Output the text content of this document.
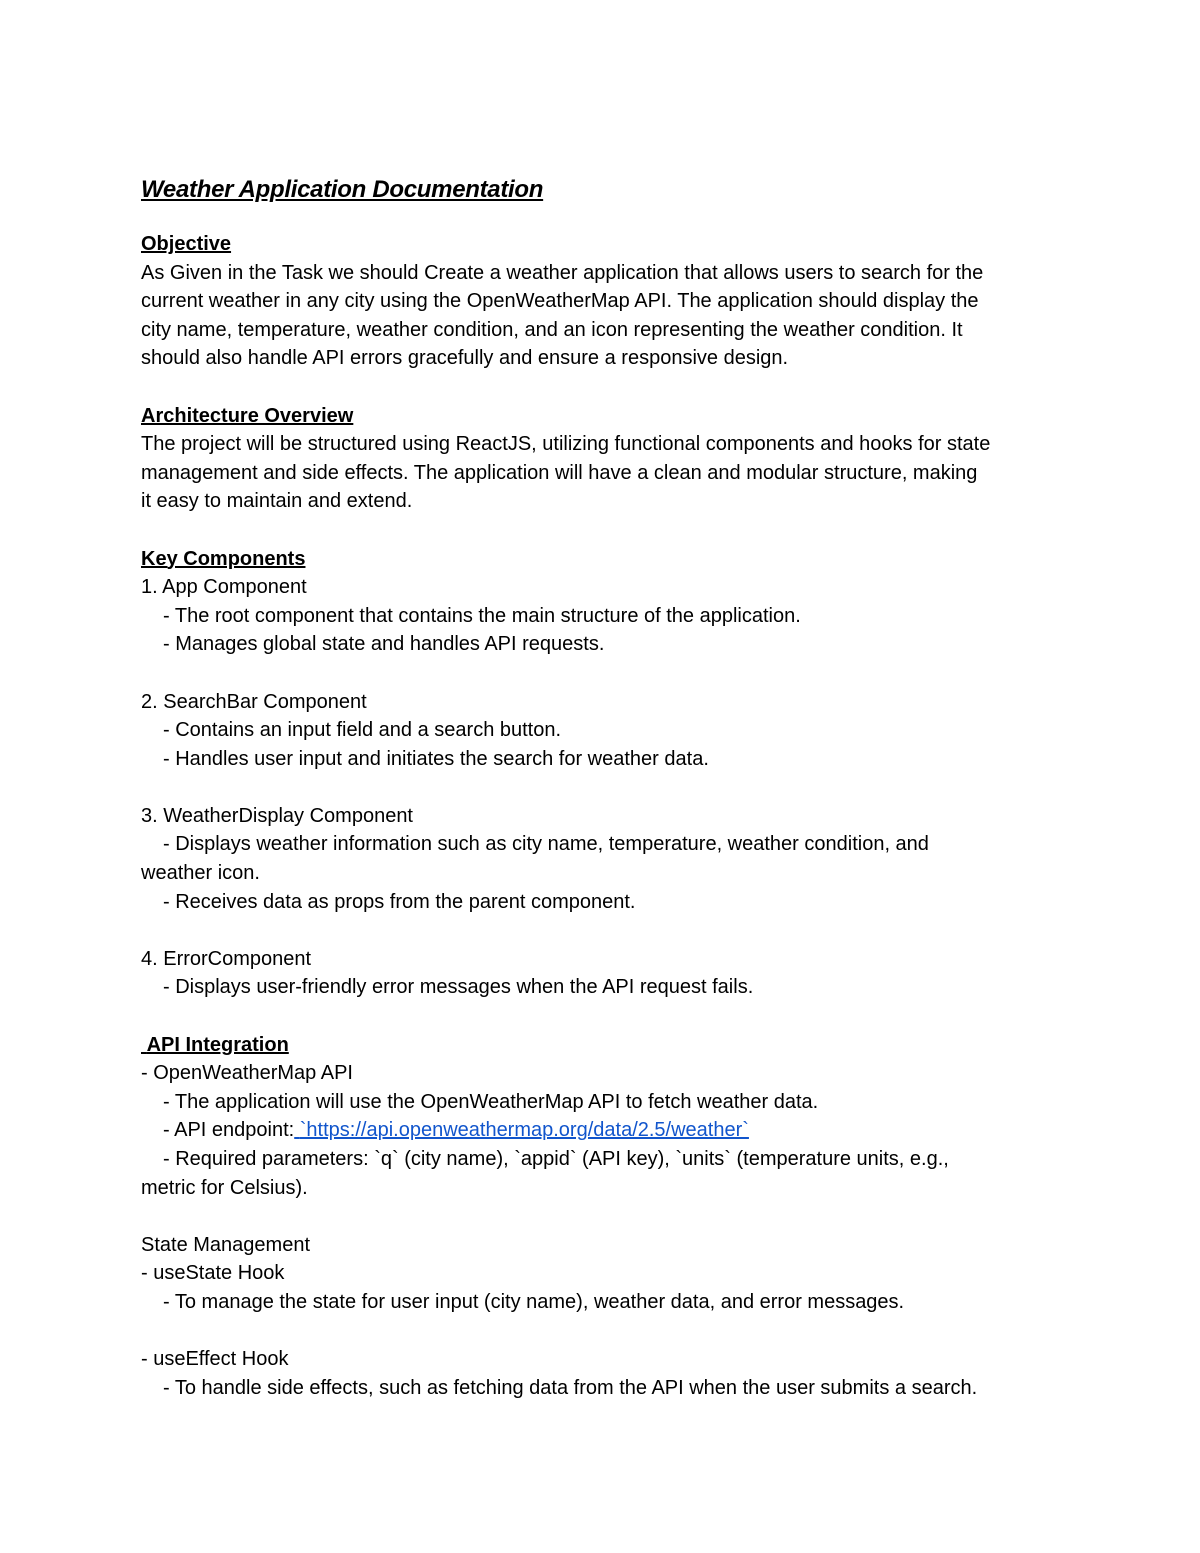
Weather Application Documentation
Objective
As Given in the Task we should Create a weather application that allows users to search for the
current weather in any city using the OpenWeatherMap API. The application should display the
city name, temperature, weather condition, and an icon representing the weather condition. It
should also handle API errors gracefully and ensure a responsive design.
Architecture Overview
The project will be structured using ReactJS, utilizing functional components and hooks for state
management and side effects. The application will have a clean and modular structure, making
it easy to maintain and extend.
Key Components
1. App Component
- The root component that contains the main structure of the application.
- Manages global state and handles API requests.
2. SearchBar Component
- Contains an input field and a search button.
- Handles user input and initiates the search for weather data.
3. WeatherDisplay Component
- Displays weather information such as city name, temperature, weather condition, and
weather icon.
- Receives data as props from the parent component.
4. ErrorComponent
- Displays user-friendly error messages when the API request fails.
API Integration
- OpenWeatherMap API
- The application will use the OpenWeatherMap API to fetch weather data.
- API endpoint: `https://api.openweathermap.org/data/2.5/weather`
- Required parameters: `q` (city name), `appid` (API key), `units` (temperature units, e.g.,
metric for Celsius).
State Management
- useState Hook
- To manage the state for user input (city name), weather data, and error messages.
- useEffect Hook
- To handle side effects, such as fetching data from the API when the user submits a search.
